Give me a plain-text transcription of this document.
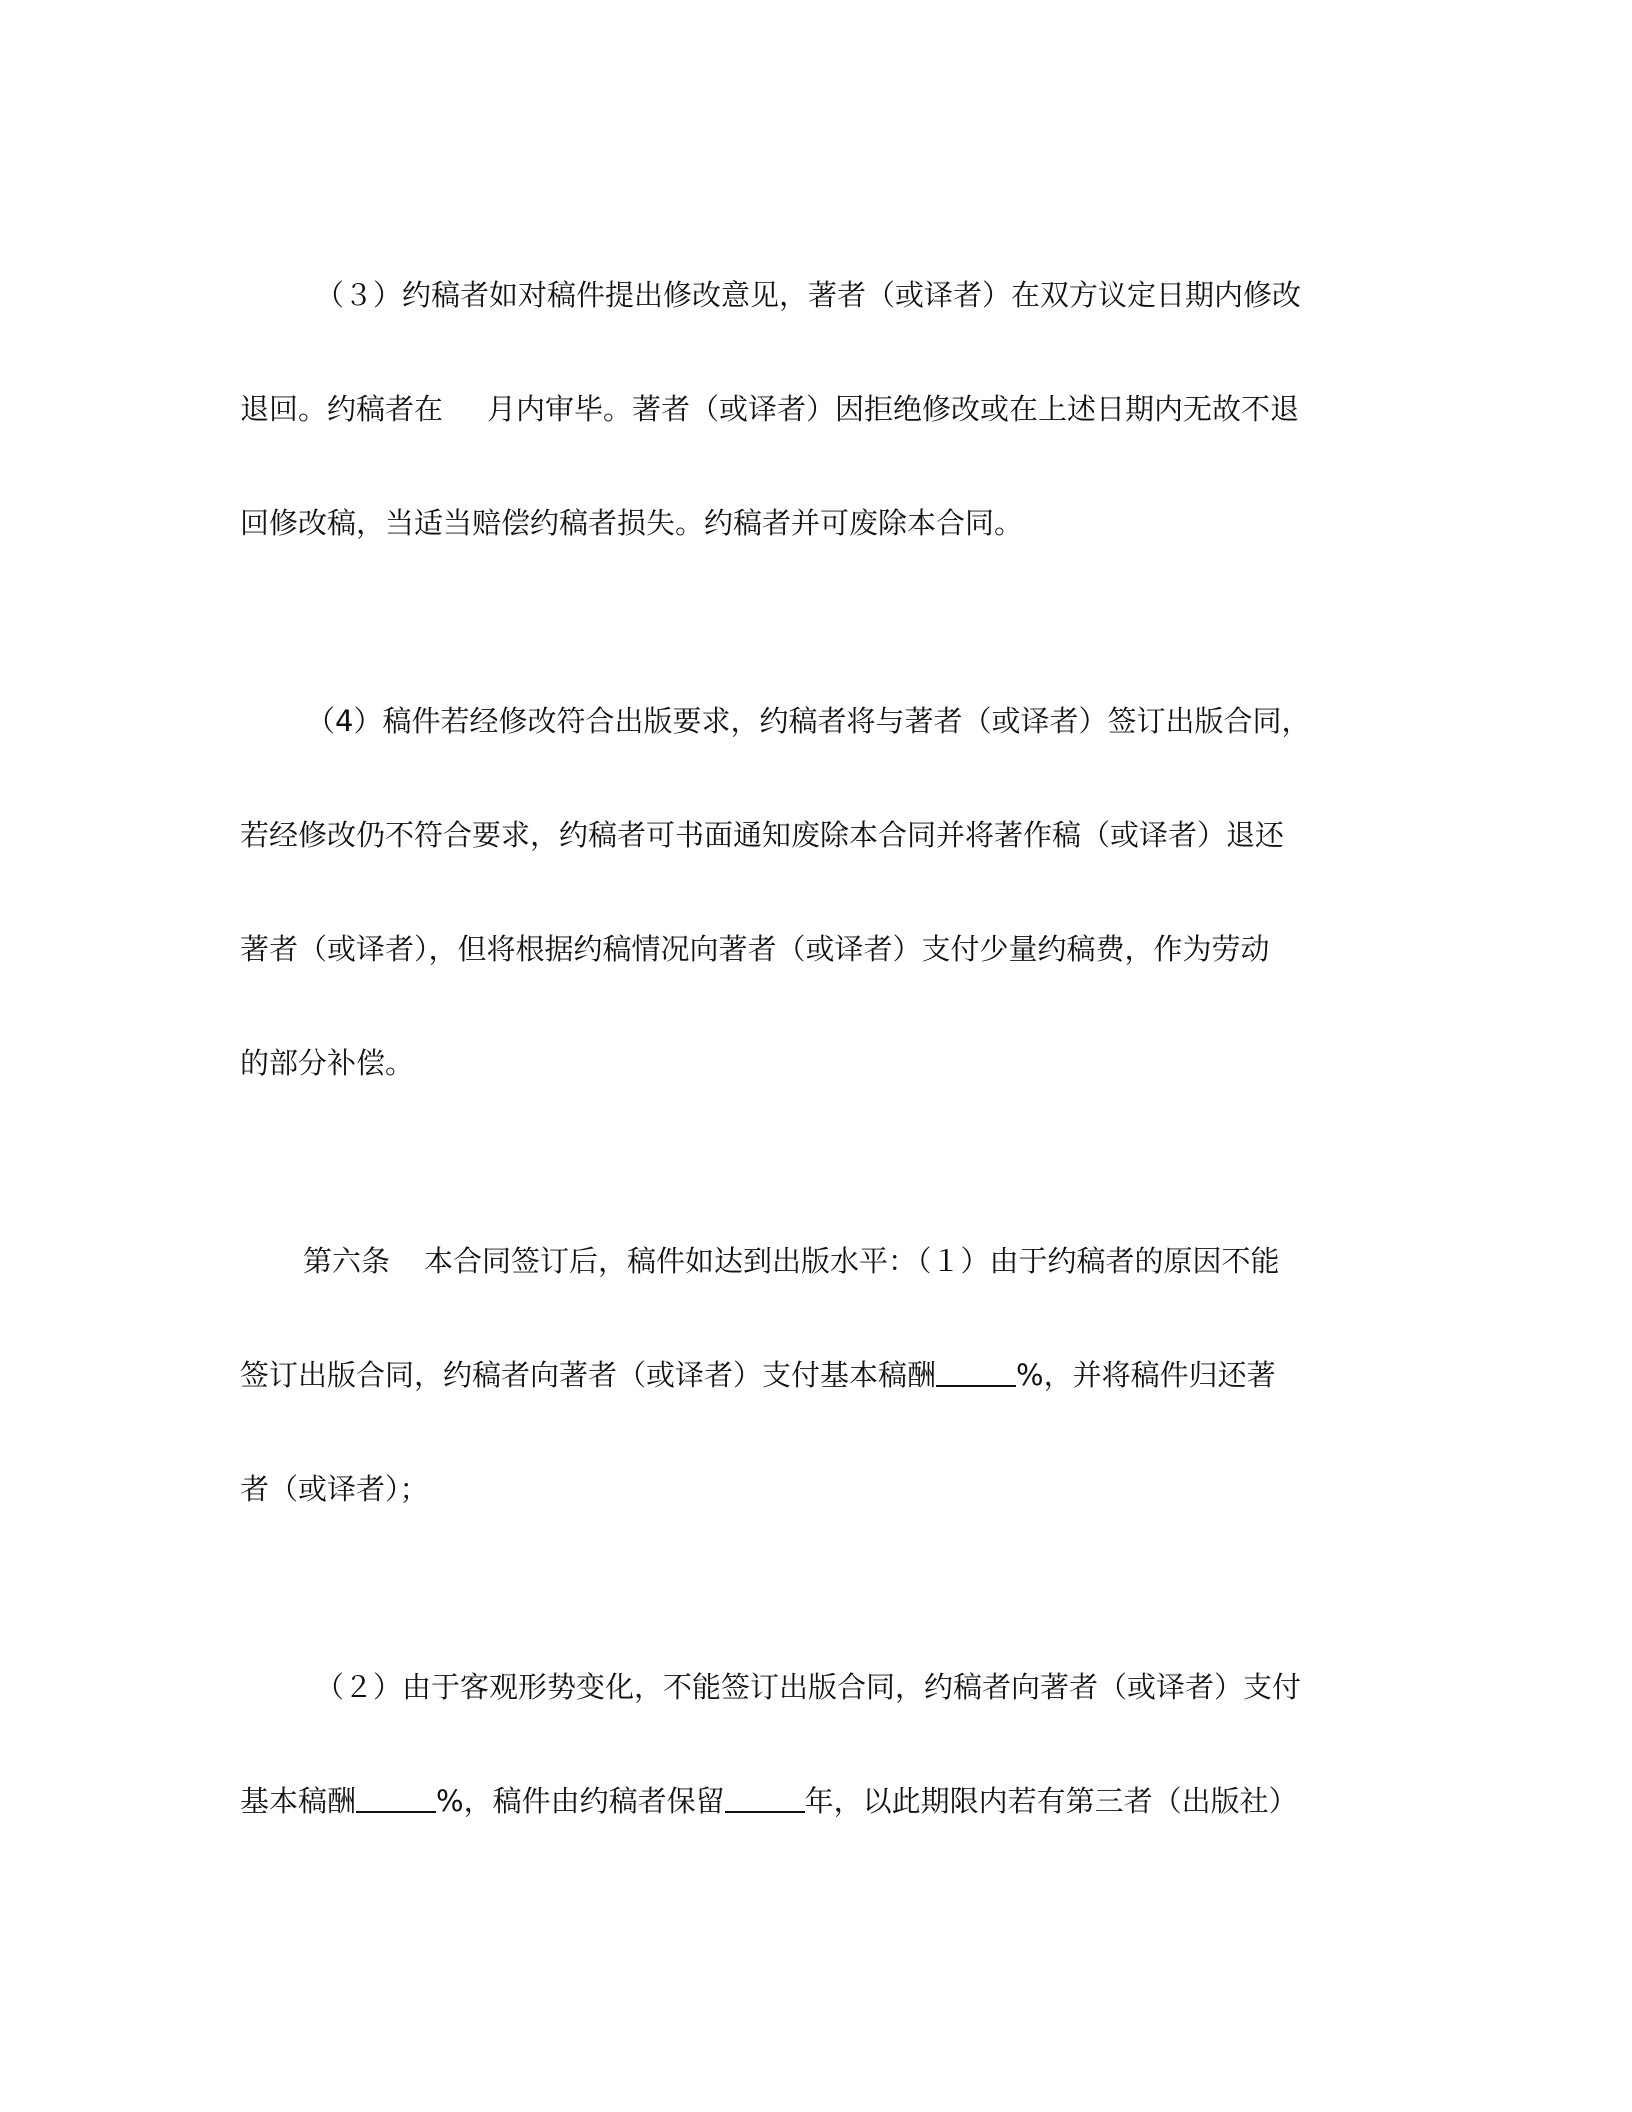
（３）约稿者如对稿件提出修改意见，著者（或译者）在双方议定日期内修改
退回。约稿者在 月内审毕。著者（或译者）因拒绝修改或在上述日期内无故不退
回修改稿，当适当赔偿约稿者损失。约稿者并可废除本合同。
（4）稿件若经修改符合出版要求，约稿者将与著者（或译者）签订出版合同，
若经修改仍不符合要求，约稿者可书面通知废除本合同并将著作稿（或译者）退还
著者（或译者），但将根据约稿情况向著者（或译者）支付少量约稿费，作为劳动
的部分补偿。
第六条 本合同签订后，稿件如达到出版水平：（１）由于约稿者的原因不能
签订出版合同，约稿者向著者（或译者）支付基本稿酬	%，并将稿件归还著
者（或译者）；
（２）由于客观形势变化，不能签订出版合同，约稿者向著者（或译者）支付
基本稿酬	%，稿件由约稿者保留	年，以此期限内若有第三者（出版社）
